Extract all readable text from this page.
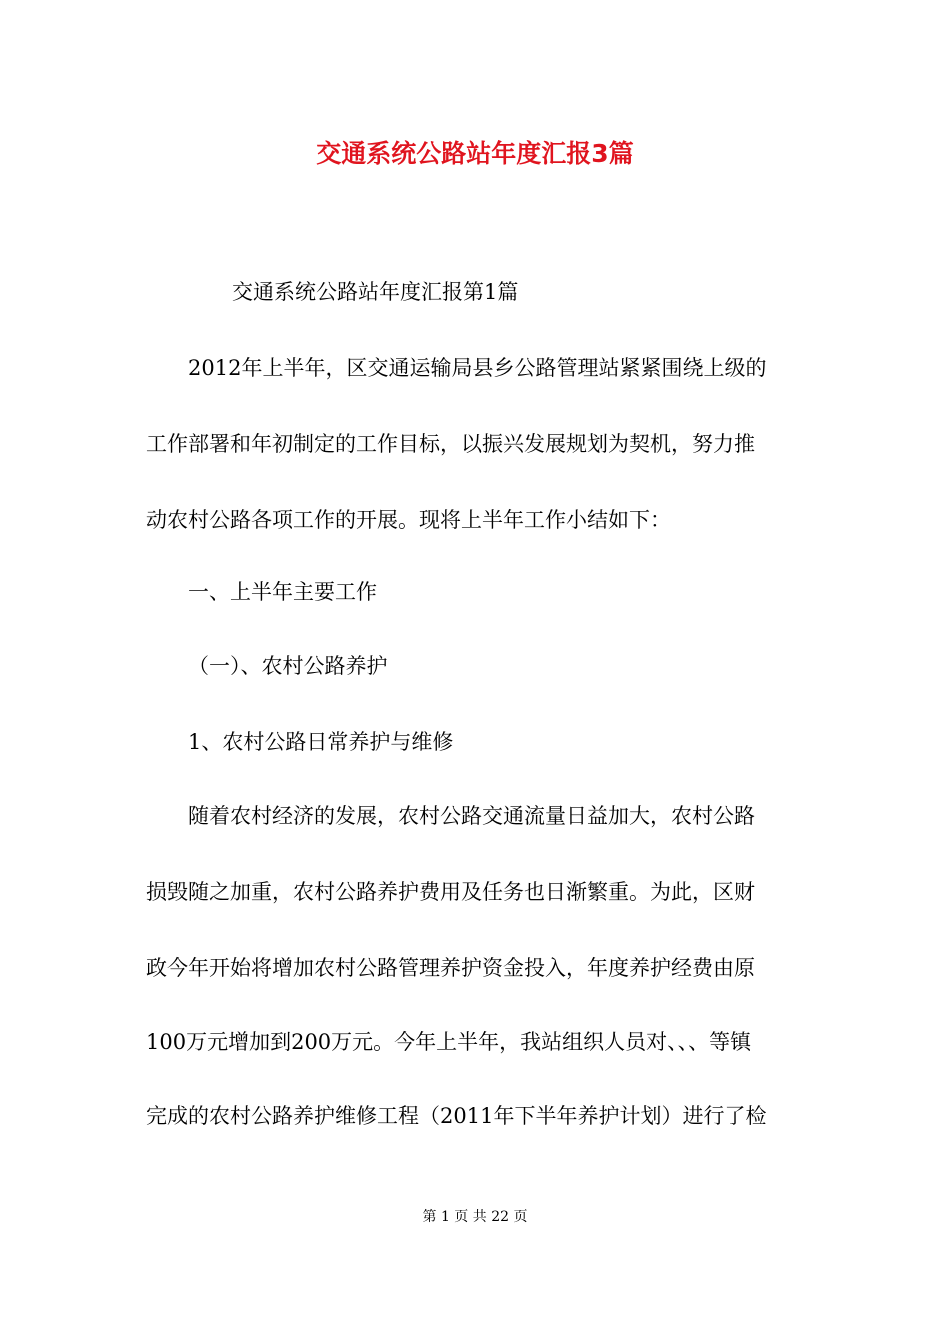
交通系统公路站年度汇报3篇

交通系统公路站年度汇报第1篇

2012年上半年，区交通运输局县乡公路管理站紧紧围绕上级的

工作部署和年初制定的工作目标，以振兴发展规划为契机，努力推

动农村公路各项工作的开展。现将上半年工作小结如下：

一、上半年主要工作

（一）、农村公路养护

1、农村公路日常养护与维修

随着农村经济的发展，农村公路交通流量日益加大，农村公路

损毁随之加重，农村公路养护费用及任务也日渐繁重。为此，区财

政今年开始将增加农村公路管理养护资金投入，年度养护经费由原

100万元增加到200万元。今年上半年，我站组织人员对、、、等镇

完成的农村公路养护维修工程（2011年下半年养护计划）进行了检

第 1 页 共 22 页
